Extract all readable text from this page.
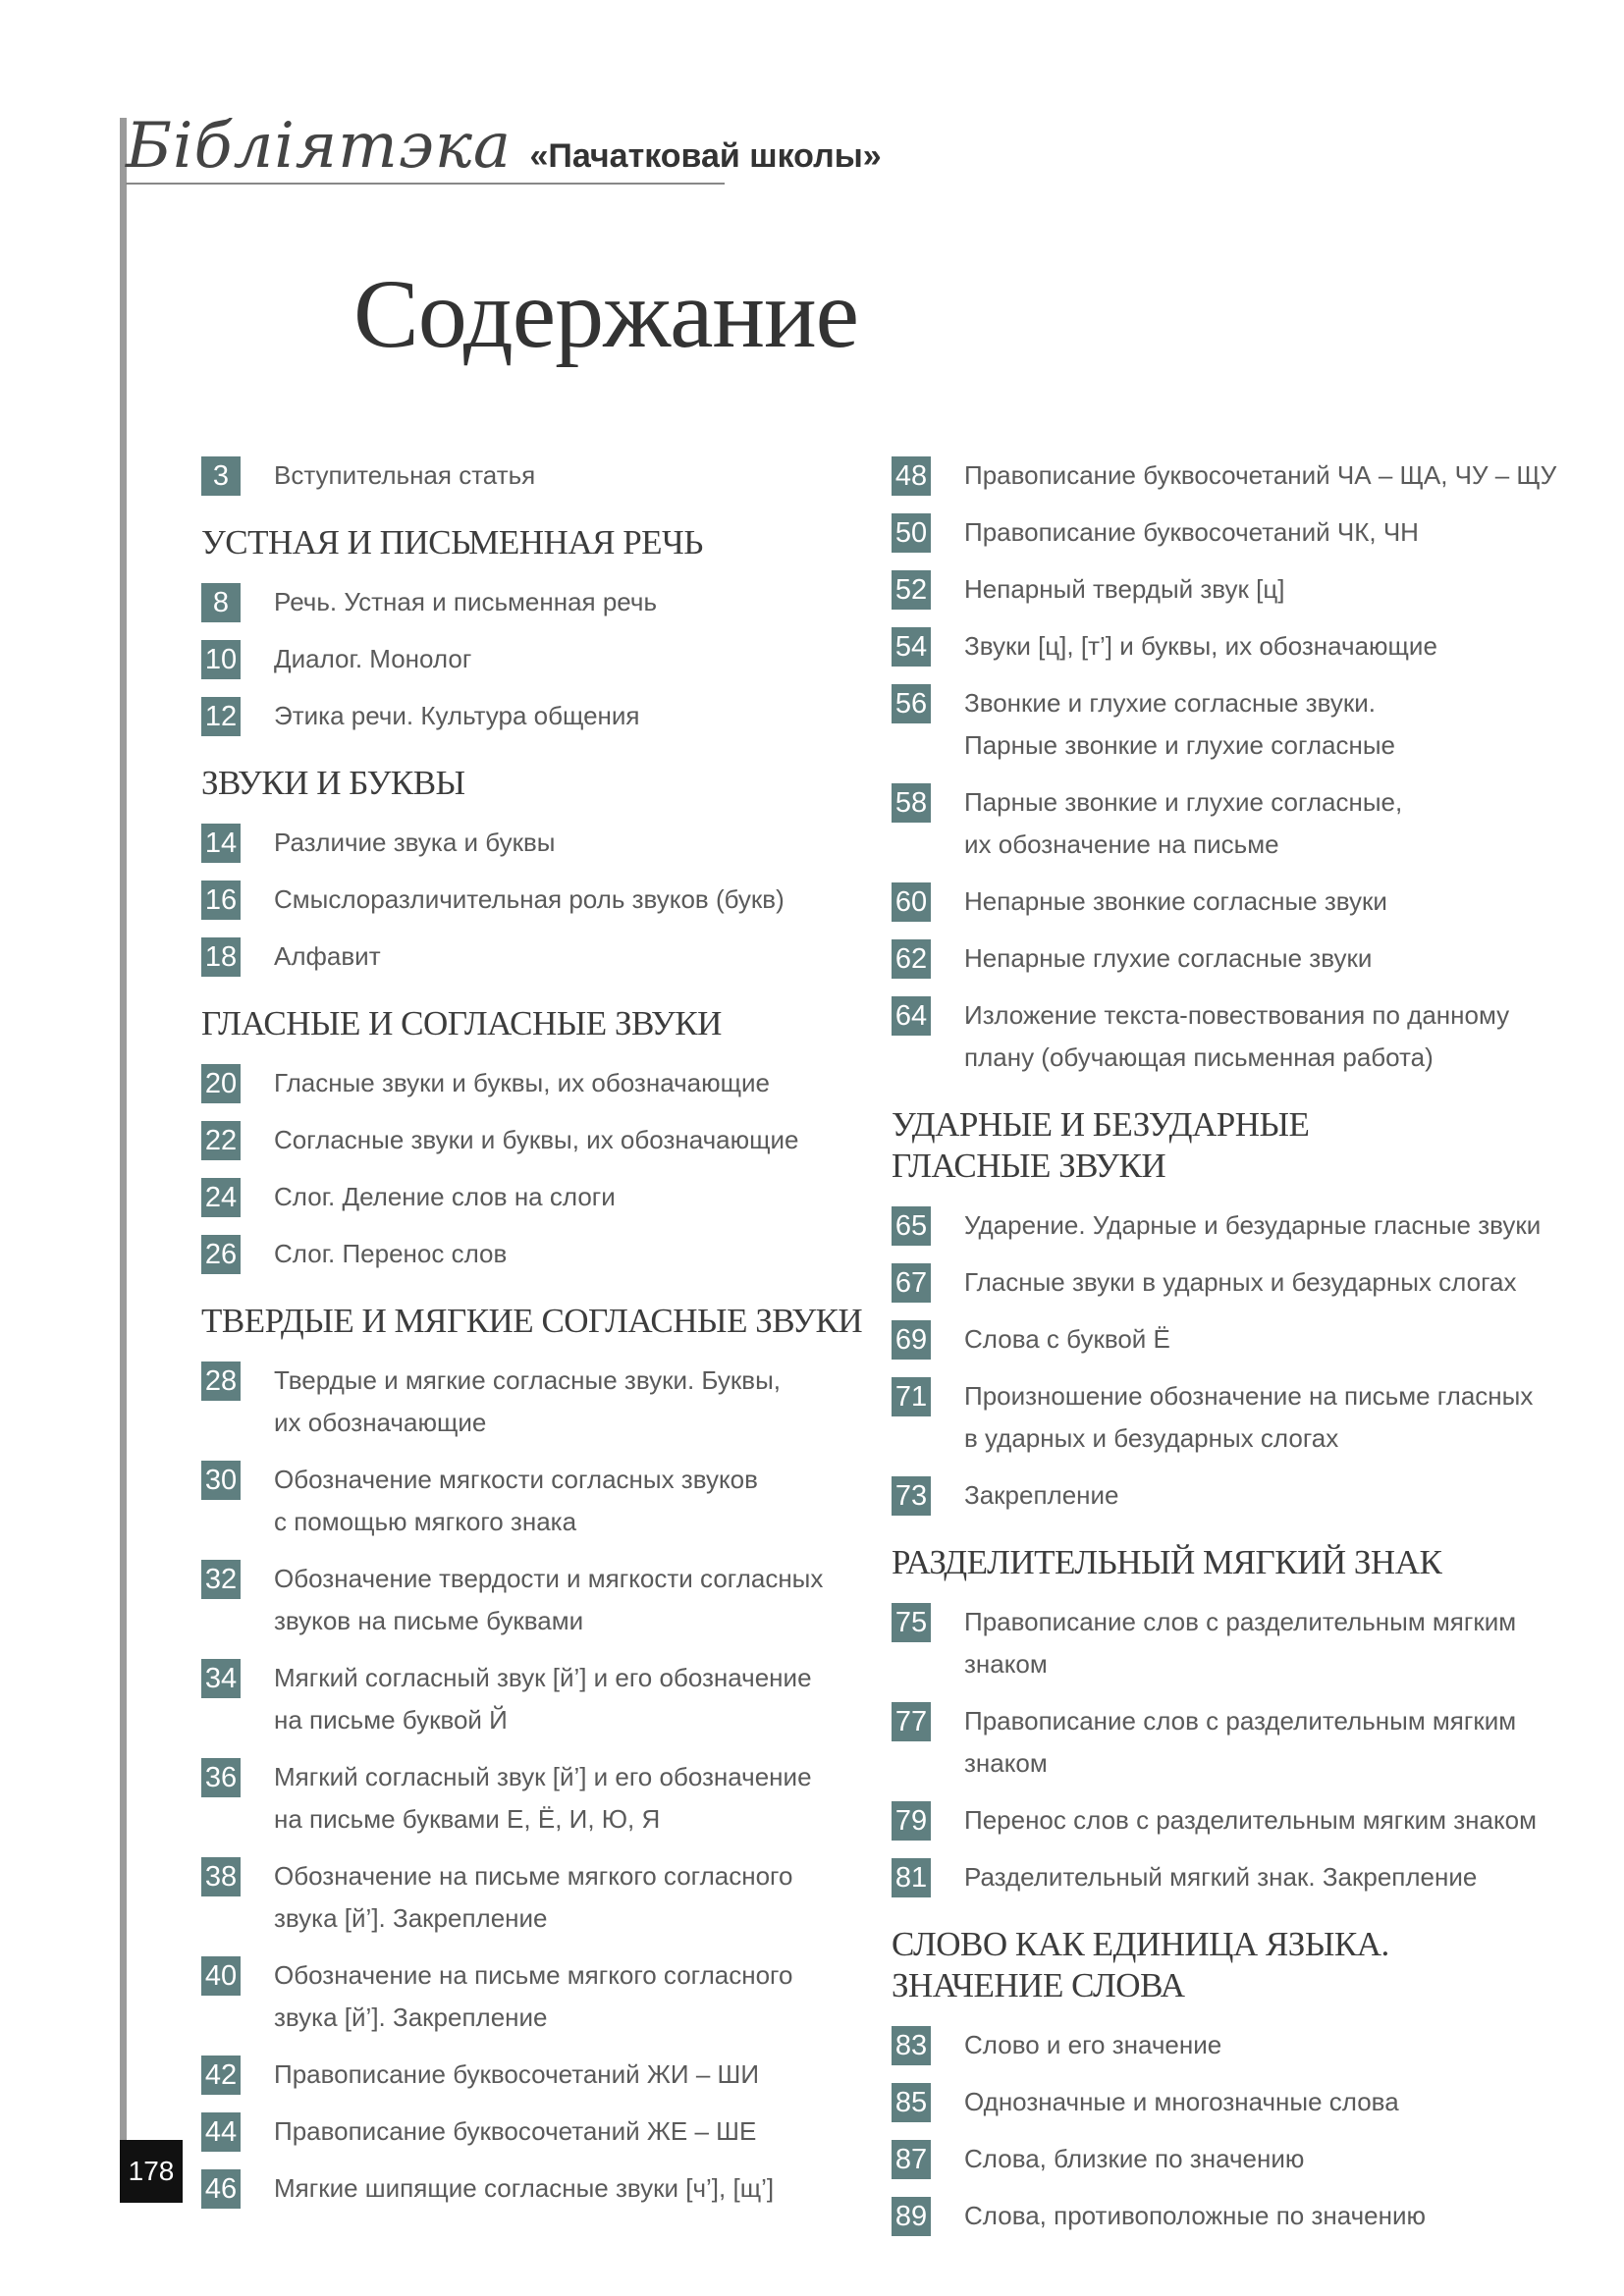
Бібліятэка «Пачатковай школы»
Содержание
3	Вступительная статья
УСТНАЯ И ПИСЬМЕННАЯ РЕЧЬ
8	Речь. Устная и письменная речь
10 Диалог. Монолог
12 Этика речи. Культура общения
ЗВУКИ И БУКВЫ
14 Различие звука и буквы
16 Смыслоразличительная роль звуков (букв)
18 Алфавит
ГЛАСНЫЕ И СОГЛАСНЫЕ ЗВУКИ
20 Гласные звуки и буквы, их обозначающие
22 Согласные звуки и буквы, их обозначающие
24 Слог. Деление слов на слоги
26 Слог. Перенос слов
ТВЕРДЫЕ И МЯГКИЕ СОГЛАСНЫЕ ЗВУКИ
28 Твердые и мягкие согласные звуки. Буквы,
их обозначающие
30 Обозначение мягкости согласных звуков
с помощью мягкого знака
32 Обозначение твердости и мягкости согласных
звуков на письме буквами
34 Мягкий согласный звук [й’] и его обозначение
на письме буквой Й
36 Мягкий согласный звук [й’] и его обозначение
на письме буквами Е, Ё, И, Ю, Я
38 Обозначение на письме мягкого согласного
звука [й’]. Закрепление
40 Обозначение на письме мягкого согласного
звука [й’]. Закрепление
42 Правописание буквосочетаний ЖИ – ШИ
44 Правописание буквосочетаний ЖЕ – ШЕ
46 Мягкие шипящие согласные звуки [ч’], [щ’]
48 Правописание буквосочетаний ЧА – ЩА, ЧУ – ЩУ
50 Правописание буквосочетаний ЧК, ЧН
52 Непарный твердый звук [ц]
54 Звуки [ц], [т’] и буквы, их обозначающие
56 Звонкие и глухие согласные звуки.
Парные звонкие и глухие согласные
58 Парные звонкие и глухие согласные,
их обозначение на письме
60 Непарные звонкие согласные звуки
62 Непарные глухие согласные звуки
64 Изложение текста-повествования по данному
плану (обучающая письменная работа)
УДАРНЫЕ И БЕЗУДАРНЫЕ
ГЛАСНЫЕ ЗВУКИ
65 Ударение. Ударные и безударные гласные звуки
67 Гласные звуки в ударных и безударных слогах
69 Слова с буквой Ё
71 Произношение обозначение на письме гласных
в ударных и безударных слогах
73 Закрепление
РАЗДЕЛИТЕЛЬНЫЙ МЯГКИЙ ЗНАК
75 Правописание слов с разделительным мягким
знаком
77 Правописание слов с разделительным мягким
знаком
79 Перенос слов с разделительным мягким знаком
81 Разделительный мягкий знак. Закрепление
СЛОВО КАК ЕДИНИЦА ЯЗЫКА.
ЗНАЧЕНИЕ СЛОВА
83 Слово и его значение
85 Однозначные и многозначные слова
87 Слова, близкие по значению
89 Слова, противоположные по значению
178
